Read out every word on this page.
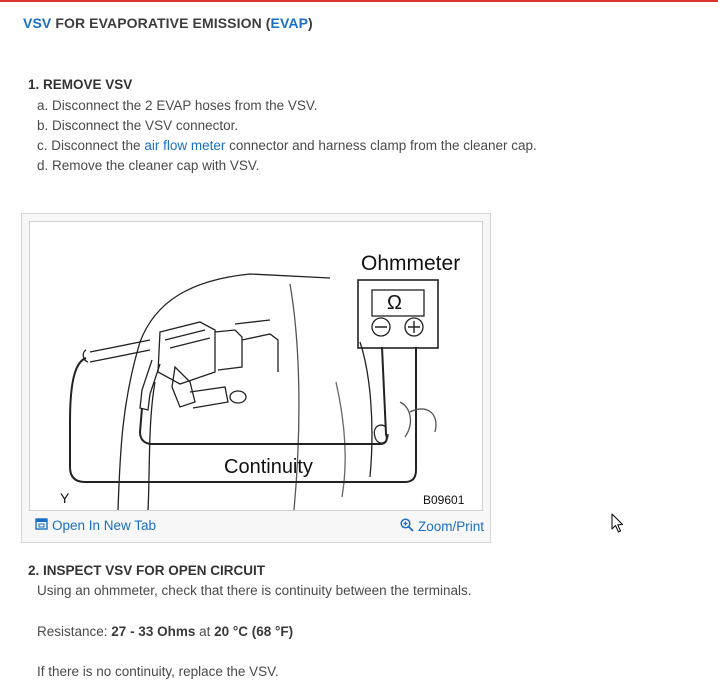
VSV FOR EVAPORATIVE EMISSION (EVAP)
1. REMOVE VSV
a. Disconnect the 2 EVAP hoses from the VSV.
b. Disconnect the VSV connector.
c. Disconnect the air flow meter connector and harness clamp from the cleaner cap.
d. Remove the cleaner cap with VSV.
Ohmmeter
Ω
Continuity
Y	B09601
Open In New Tab	Zoom/Print
2. INSPECT VSV FOR OPEN CIRCUIT
Using an ohmmeter, check that there is continuity between the terminals.
Resistance: 27 - 33 Ohms at 20 °C (68 °F)
If there is no continuity, replace the VSV.
